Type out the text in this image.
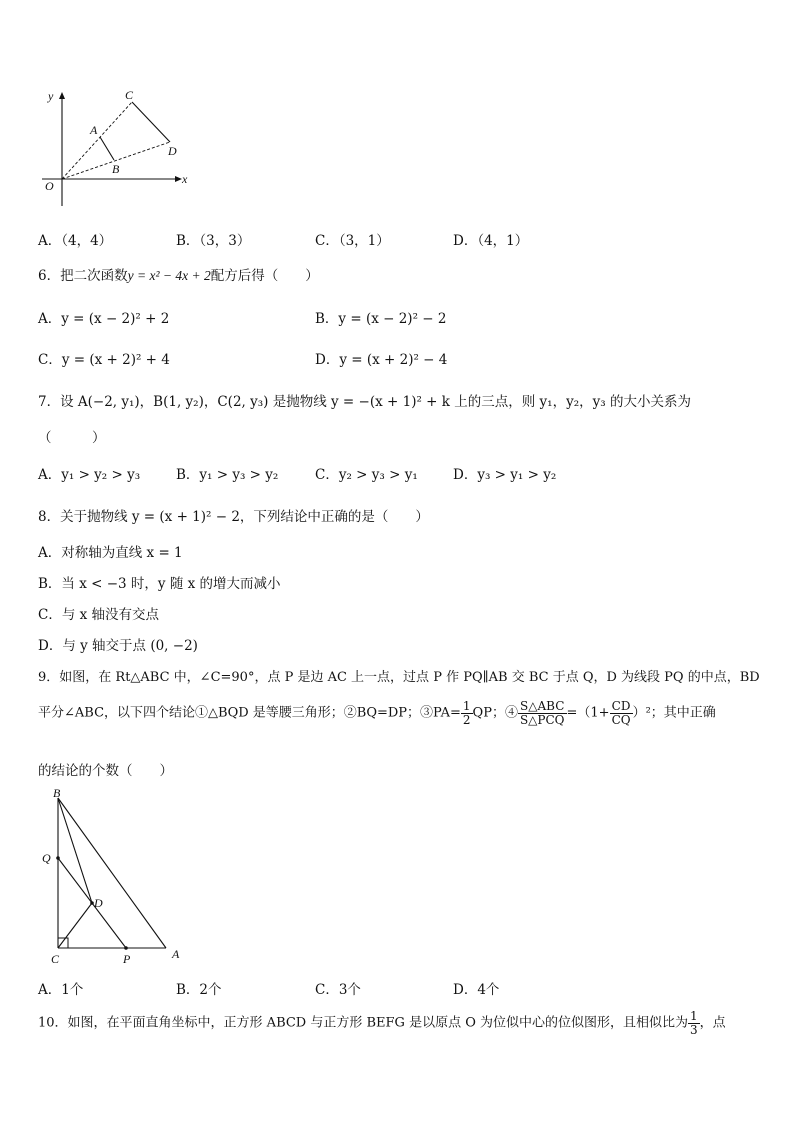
y
x
O
A
B
C
D
A．（4，4）	B．（3，3）	C．（3，1）	D．（4，1）
6．把二次函数y = x² − 4x + 2配方后得（　　）
A．y = (x − 2)² + 2	B．y = (x − 2)² − 2
C．y = (x + 2)² + 4	D．y = (x + 2)² − 4
7．设 A(−2, y₁)，B(1, y₂)，C(2, y₃) 是抛物线 y = −(x + 1)² + k 上的三点，则 y₁，y₂，y₃ 的大小关系为
（　　　）
A．y₁ > y₂ > y₃	B．y₁ > y₃ > y₂	C．y₂ > y₃ > y₁	D．y₃ > y₁ > y₂
8．关于抛物线 y = (x + 1)² − 2，下列结论中正确的是（　　）
A．对称轴为直线 x = 1
B．当 x < −3 时，y 随 x 的增大而减小
C．与 x 轴没有交点
D．与 y 轴交于点 (0, −2)
9．如图，在 Rt△ABC 中，∠C=90°，点 P 是边 AC 上一点，过点 P 作 PQ∥AB 交 BC 于点 Q，D 为线段 PQ 的中点，BD
平分∠ABC，以下四个结论①△BQD 是等腰三角形；②BQ=DP；③PA= $\frac{1}{2}$ QP；④ $\frac{\text{S△ABC}}{\text{S△PCQ}} =(1+ \frac{CD}{CQ} )^2$；其中正确
的结论的个数（　　）
B
Q
D
C	P	A
A．1个	B．2个	C．3个	D．4个
10．如图，在平面直角坐标中，正方形 ABCD 与正方形 BEFG 是以原点 O 为位似中心的位似图形，且相似比为 $\frac{1}{3}$ ，点
